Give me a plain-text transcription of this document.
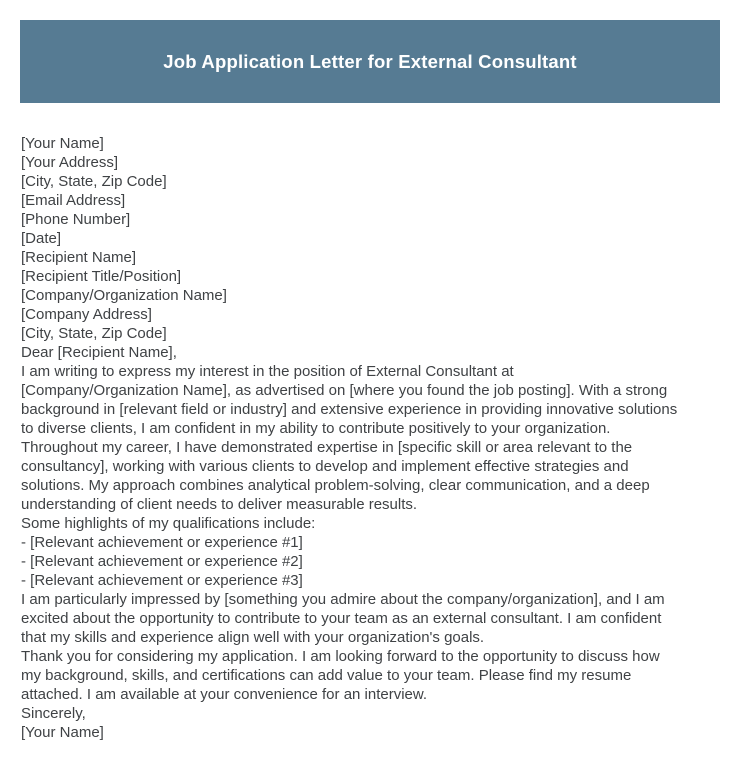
Job Application Letter for External Consultant
[Your Name]
[Your Address]
[City, State, Zip Code]
[Email Address]
[Phone Number]
[Date]
[Recipient Name]
[Recipient Title/Position]
[Company/Organization Name]
[Company Address]
[City, State, Zip Code]
Dear [Recipient Name],
I am writing to express my interest in the position of External Consultant at
[Company/Organization Name], as advertised on [where you found the job posting]. With a strong
background in [relevant field or industry] and extensive experience in providing innovative solutions
to diverse clients, I am confident in my ability to contribute positively to your organization.
Throughout my career, I have demonstrated expertise in [specific skill or area relevant to the
consultancy], working with various clients to develop and implement effective strategies and
solutions. My approach combines analytical problem-solving, clear communication, and a deep
understanding of client needs to deliver measurable results.
Some highlights of my qualifications include:
- [Relevant achievement or experience #1]
- [Relevant achievement or experience #2]
- [Relevant achievement or experience #3]
I am particularly impressed by [something you admire about the company/organization], and I am
excited about the opportunity to contribute to your team as an external consultant. I am confident
that my skills and experience align well with your organization's goals.
Thank you for considering my application. I am looking forward to the opportunity to discuss how
my background, skills, and certifications can add value to your team. Please find my resume
attached. I am available at your convenience for an interview.
Sincerely,
[Your Name]
